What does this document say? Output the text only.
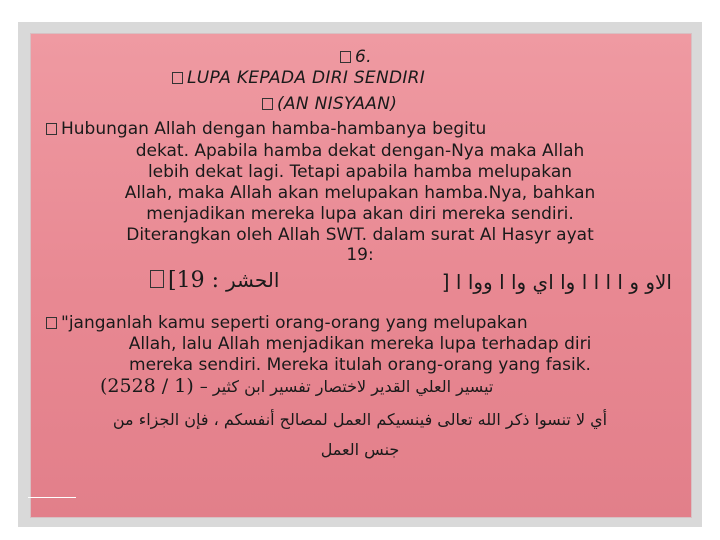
6.
LUPA KEPADA DIRI SENDIRI
(AN NISYAAN)
Hubungan Allah dengan hamba-hambanya begitu
dekat. Apabila hamba dekat dengan-Nya maka Allah
lebih dekat lagi. Tetapi apabila hamba melupakan
Allah, maka Allah akan melupakan hamba.Nya, bahkan
menjadikan mereka lupa akan diri mereka sendiri.
Diterangkan oleh Allah SWT. dalam surat Al Hasyr ayat
19:
[19 : الحشر	] الاو و ا ا ا ا وا اي وا ا ووا ا
"janganlah kamu seperti orang-orang yang melupakan
Allah, lalu Allah menjadikan mereka lupa terhadap diri
mereka sendiri. Mereka itulah orang-orang yang fasik.
(2528 / 1) – تيسير العلي القدير لاختصار تفسير ابن كثير
أي لا تنسوا ذكر الله تعالى فينسيكم العمل لمصالح أنفسكم ، فإن الجزاء من
جنس العمل
